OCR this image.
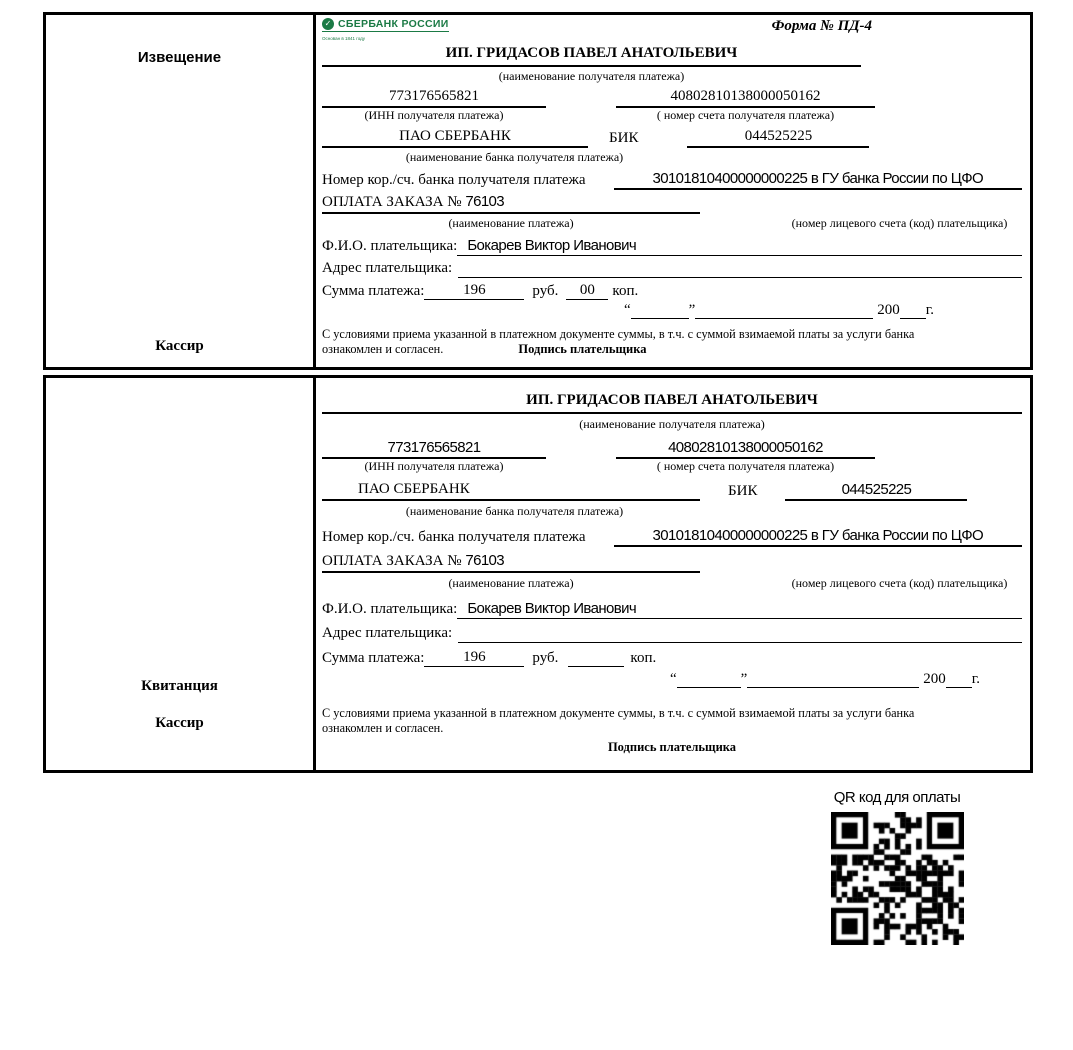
Извещение
Кассир
✓ СБЕРБАНК РОССИИ
Основан в 1841 году
Форма № ПД-4
ИП. ГРИДАСОВ ПАВЕЛ АНАТОЛЬЕВИЧ
(наименование получателя платежа)
773176565821	40802810138000050162
(ИНН получателя платежа)	( номер счета получателя платежа)
ПАО СБЕРБАНК	БИК	044525225
(наименование банка получателя платежа)
Номер кор./сч. банка получателя платежа	30101810400000000225 в ГУ банка России по ЦФО
ОПЛАТА ЗАКАЗА № 76103
(наименование платежа)	(номер лицевого счета (код) плательщика)
Ф.И.О. плательщика: Бокарев Виктор Иванович
Адрес плательщика:
Сумма платежа:	196	руб.	00	коп.
“	”	200 г.
С условиями приема указанной в платежном документе суммы, в т.ч. с суммой взимаемой платы за услуги банка
ознакомлен и согласен.	Подпись плательщика
Квитанция
Кассир
ИП. ГРИДАСОВ ПАВЕЛ АНАТОЛЬЕВИЧ
(наименование получателя платежа)
773176565821	40802810138000050162
(ИНН получателя платежа)	( номер счета получателя платежа)
ПАО СБЕРБАНК	БИК	044525225
(наименование банка получателя платежа)
Номер кор./сч. банка получателя платежа	30101810400000000225 в ГУ банка России по ЦФО
ОПЛАТА ЗАКАЗА № 76103
(наименование платежа)	(номер лицевого счета (код) плательщика)
Ф.И.О. плательщика: Бокарев Виктор Иванович
Адрес плательщика:
Сумма платежа:	196	руб.	коп.
“	”	200 г.
С условиями приема указанной в платежном документе суммы, в т.ч. с суммой взимаемой платы за услуги банка
ознакомлен и согласен.
Подпись плательщика
QR код для оплаты
